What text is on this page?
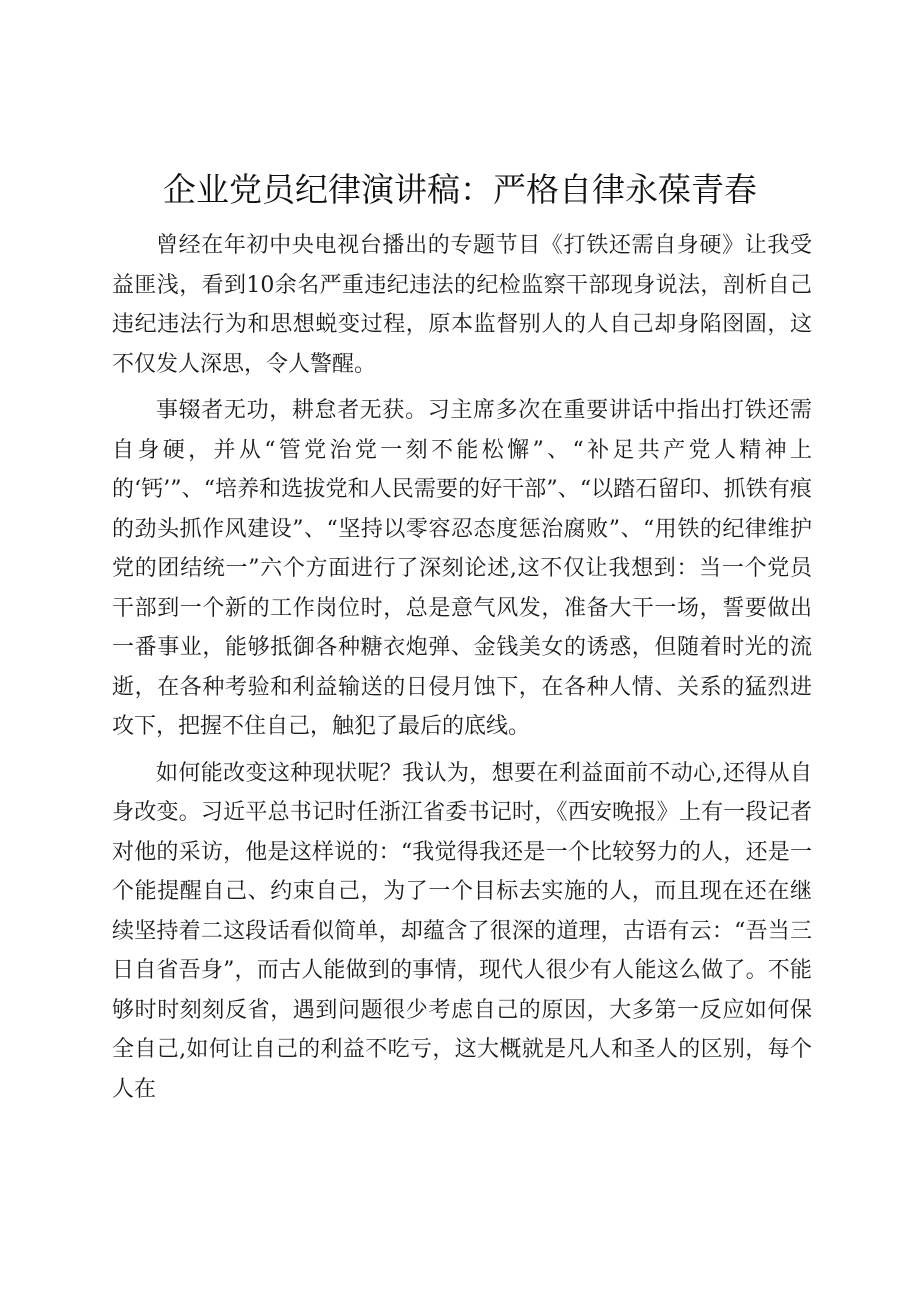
企业党员纪律演讲稿：严格自律永葆青春

曾经在年初中央电视台播出的专题节目《打铁还需自身硬》让我受益匪浅，看到10余名严重违纪违法的纪检监察干部现身说法，剖析自己违纪违法行为和思想蜕变过程，原本监督别人的人自己却身陷囹圄，这不仅发人深思，令人警醒。

事辍者无功，耕怠者无获。习主席多次在重要讲话中指出打铁还需自身硬，并从“管党治党一刻不能松懈”、“补足共产党人精神上的‘钙’”、“培养和选拔党和人民需要的好干部”、“以踏石留印、抓铁有痕的劲头抓作风建设”、“坚持以零容忍态度惩治腐败”、“用铁的纪律维护党的团结统一”六个方面进行了深刻论述,这不仅让我想到：当一个党员干部到一个新的工作岗位时，总是意气风发，准备大干一场，誓要做出一番事业，能够抵御各种糖衣炮弹、金钱美女的诱惑，但随着时光的流逝，在各种考验和利益输送的日侵月蚀下，在各种人情、关系的猛烈进攻下，把握不住自己，触犯了最后的底线。

如何能改变这种现状呢？我认为，想要在利益面前不动心,还得从自身改变。习近平总书记时任浙江省委书记时，《西安晚报》上有一段记者对他的采访，他是这样说的：“我觉得我还是一个比较努力的人，还是一个能提醒自己、约束自己，为了一个目标去实施的人，而且现在还在继续坚持着二这段话看似简单，却蕴含了很深的道理，古语有云：“吾当三日自省吾身”，而古人能做到的事情，现代人很少有人能这么做了。不能够时时刻刻反省，遇到问题很少考虑自己的原因，大多第一反应如何保全自己,如何让自己的利益不吃亏，这大概就是凡人和圣人的区别，每个人在
